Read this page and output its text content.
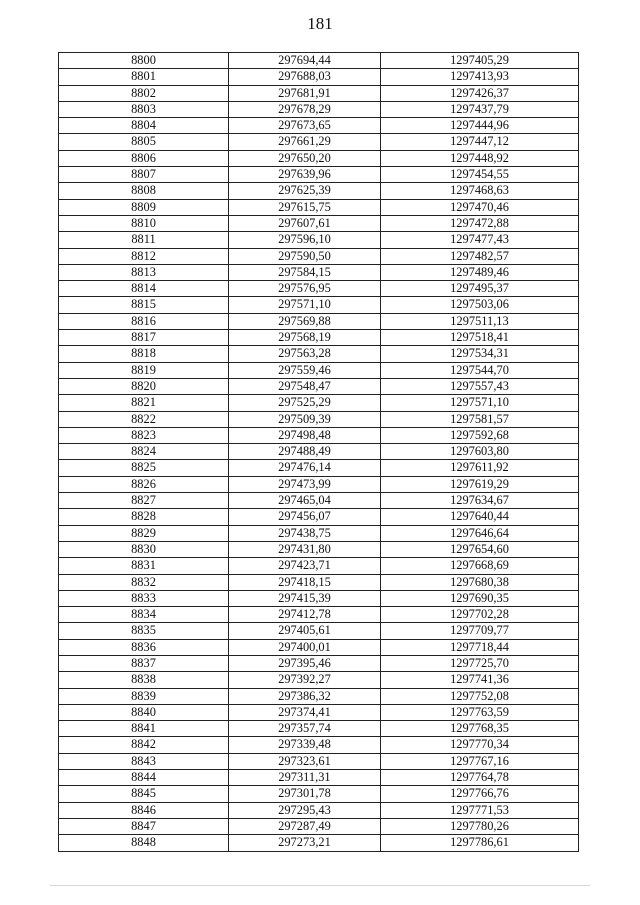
181
8800	297694,44	1297405,29
8801	297688,03	1297413,93
8802	297681,91	1297426,37
8803	297678,29	1297437,79
8804	297673,65	1297444,96
8805	297661,29	1297447,12
8806	297650,20	1297448,92
8807	297639,96	1297454,55
8808	297625,39	1297468,63
8809	297615,75	1297470,46
8810	297607,61	1297472,88
8811	297596,10	1297477,43
8812	297590,50	1297482,57
8813	297584,15	1297489,46
8814	297576,95	1297495,37
8815	297571,10	1297503,06
8816	297569,88	1297511,13
8817	297568,19	1297518,41
8818	297563,28	1297534,31
8819	297559,46	1297544,70
8820	297548,47	1297557,43
8821	297525,29	1297571,10
8822	297509,39	1297581,57
8823	297498,48	1297592,68
8824	297488,49	1297603,80
8825	297476,14	1297611,92
8826	297473,99	1297619,29
8827	297465,04	1297634,67
8828	297456,07	1297640,44
8829	297438,75	1297646,64
8830	297431,80	1297654,60
8831	297423,71	1297668,69
8832	297418,15	1297680,38
8833	297415,39	1297690,35
8834	297412,78	1297702,28
8835	297405,61	1297709,77
8836	297400,01	1297718,44
8837	297395,46	1297725,70
8838	297392,27	1297741,36
8839	297386,32	1297752,08
8840	297374,41	1297763,59
8841	297357,74	1297768,35
8842	297339,48	1297770,34
8843	297323,61	1297767,16
8844	297311,31	1297764,78
8845	297301,78	1297766,76
8846	297295,43	1297771,53
8847	297287,49	1297780,26
8848	297273,21	1297786,61
